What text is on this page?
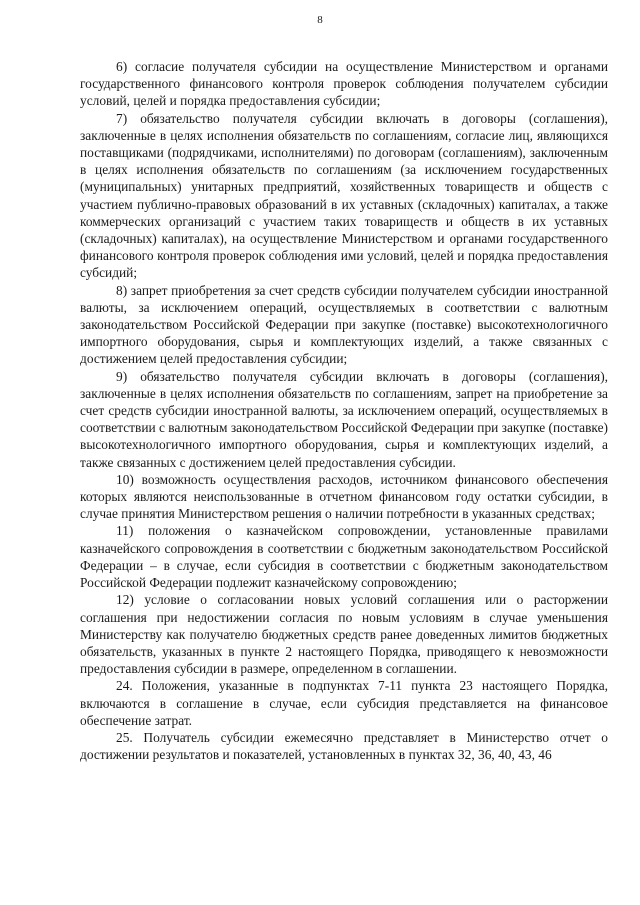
8

6) согласие получателя субсидии на осуществление Министерством и органами государственного финансового контроля проверок соблюдения получателем субсидии условий, целей и порядка предоставления субсидии;

7) обязательство получателя субсидии включать в договоры (соглашения), заключенные в целях исполнения обязательств по соглашениям, согласие лиц, являющихся поставщиками (подрядчиками, исполнителями) по договорам (соглашениям), заключенным в целях исполнения обязательств по соглашениям (за исключением государственных (муниципальных) унитарных предприятий, хозяйственных товариществ и обществ с участием публично-правовых образований в их уставных (складочных) капиталах, а также коммерческих организаций с участием таких товариществ и обществ в их уставных (складочных) капиталах), на осуществление Министерством и органами государственного финансового контроля проверок соблюдения ими условий, целей и порядка предоставления субсидий;

8) запрет приобретения за счет средств субсидии получателем субсидии иностранной валюты, за исключением операций, осуществляемых в соответствии с валютным законодательством Российской Федерации при закупке (поставке) высокотехнологичного импортного оборудования, сырья и комплектующих изделий, а также связанных с достижением целей предоставления субсидии;

9) обязательство получателя субсидии включать в договоры (соглашения), заключенные в целях исполнения обязательств по соглашениям, запрет на приобретение за счет средств субсидии иностранной валюты, за исключением операций, осуществляемых в соответствии с валютным законодательством Российской Федерации при закупке (поставке) высокотехнологичного импортного оборудования, сырья и комплектующих изделий, а также связанных с достижением целей предоставления субсидии.

10) возможность осуществления расходов, источником финансового обеспечения которых являются неиспользованные в отчетном финансовом году остатки субсидии, в случае принятия Министерством решения о наличии потребности в указанных средствах;

11) положения о казначейском сопровождении, установленные правилами казначейского сопровождения в соответствии с бюджетным законодательством Российской Федерации – в случае, если субсидия в соответствии с бюджетным законодательством Российской Федерации подлежит казначейскому сопровождению;

12) условие о согласовании новых условий соглашения или о расторжении соглашения при недостижении согласия по новым условиям в случае уменьшения Министерству как получателю бюджетных средств ранее доведенных лимитов бюджетных обязательств, указанных в пункте 2 настоящего Порядка, приводящего к невозможности предоставления субсидии в размере, определенном в соглашении.

24. Положения, указанные в подпунктах 7-11 пункта 23 настоящего Порядка, включаются в соглашение в случае, если субсидия представляется на финансовое обеспечение затрат.

25. Получатель субсидии ежемесячно представляет в Министерство отчет о достижении результатов и показателей, установленных в пунктах 32, 36, 40, 43, 46
